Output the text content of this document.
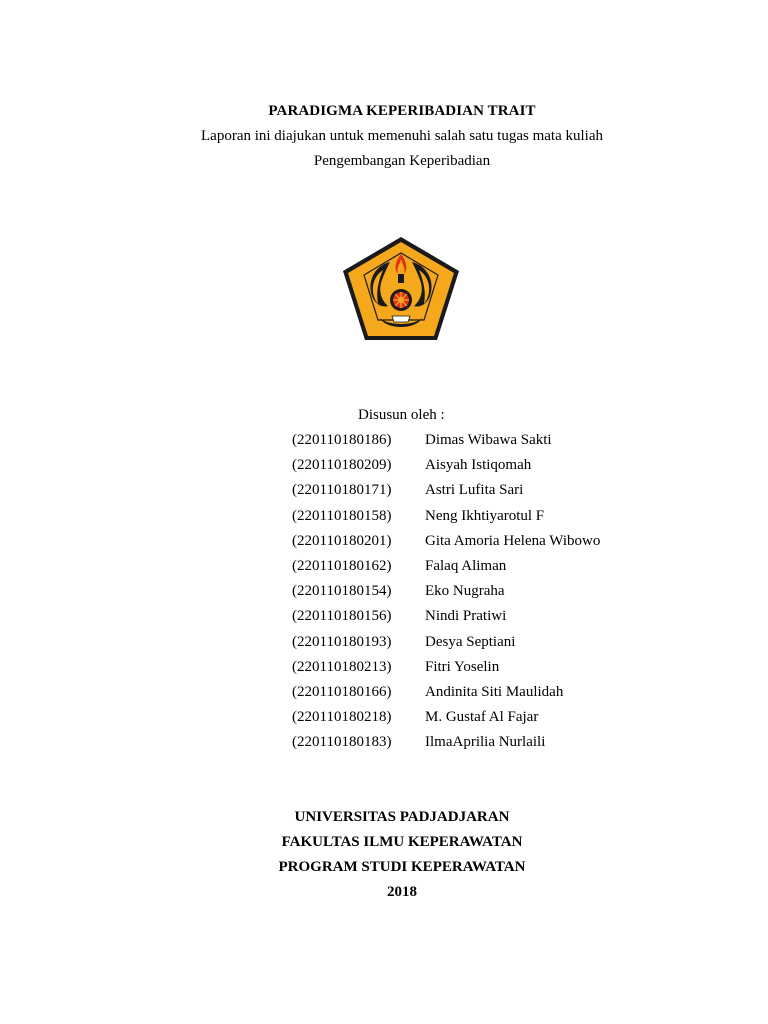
PARADIGMA KEPERIBADIAN TRAIT
Laporan ini diajukan untuk memenuhi salah satu tugas mata kuliah
Pengembangan Keperibadian
Disusun oleh :
(220110180186) Dimas Wibawa Sakti
(220110180209) Aisyah Istiqomah
(220110180171) Astri Lufita Sari
(220110180158) Neng Ikhtiyarotul F
(220110180201) Gita Amoria Helena Wibowo
(220110180162) Falaq Aliman
(220110180154) Eko Nugraha
(220110180156) Nindi Pratiwi
(220110180193) Desya Septiani
(220110180213) Fitri Yoselin
(220110180166) Andinita Siti Maulidah
(220110180218) M. Gustaf Al Fajar
(220110180183) IlmaAprilia Nurlaili
UNIVERSITAS PADJADJARAN
FAKULTAS ILMU KEPERAWATAN
PROGRAM STUDI KEPERAWATAN
2018
